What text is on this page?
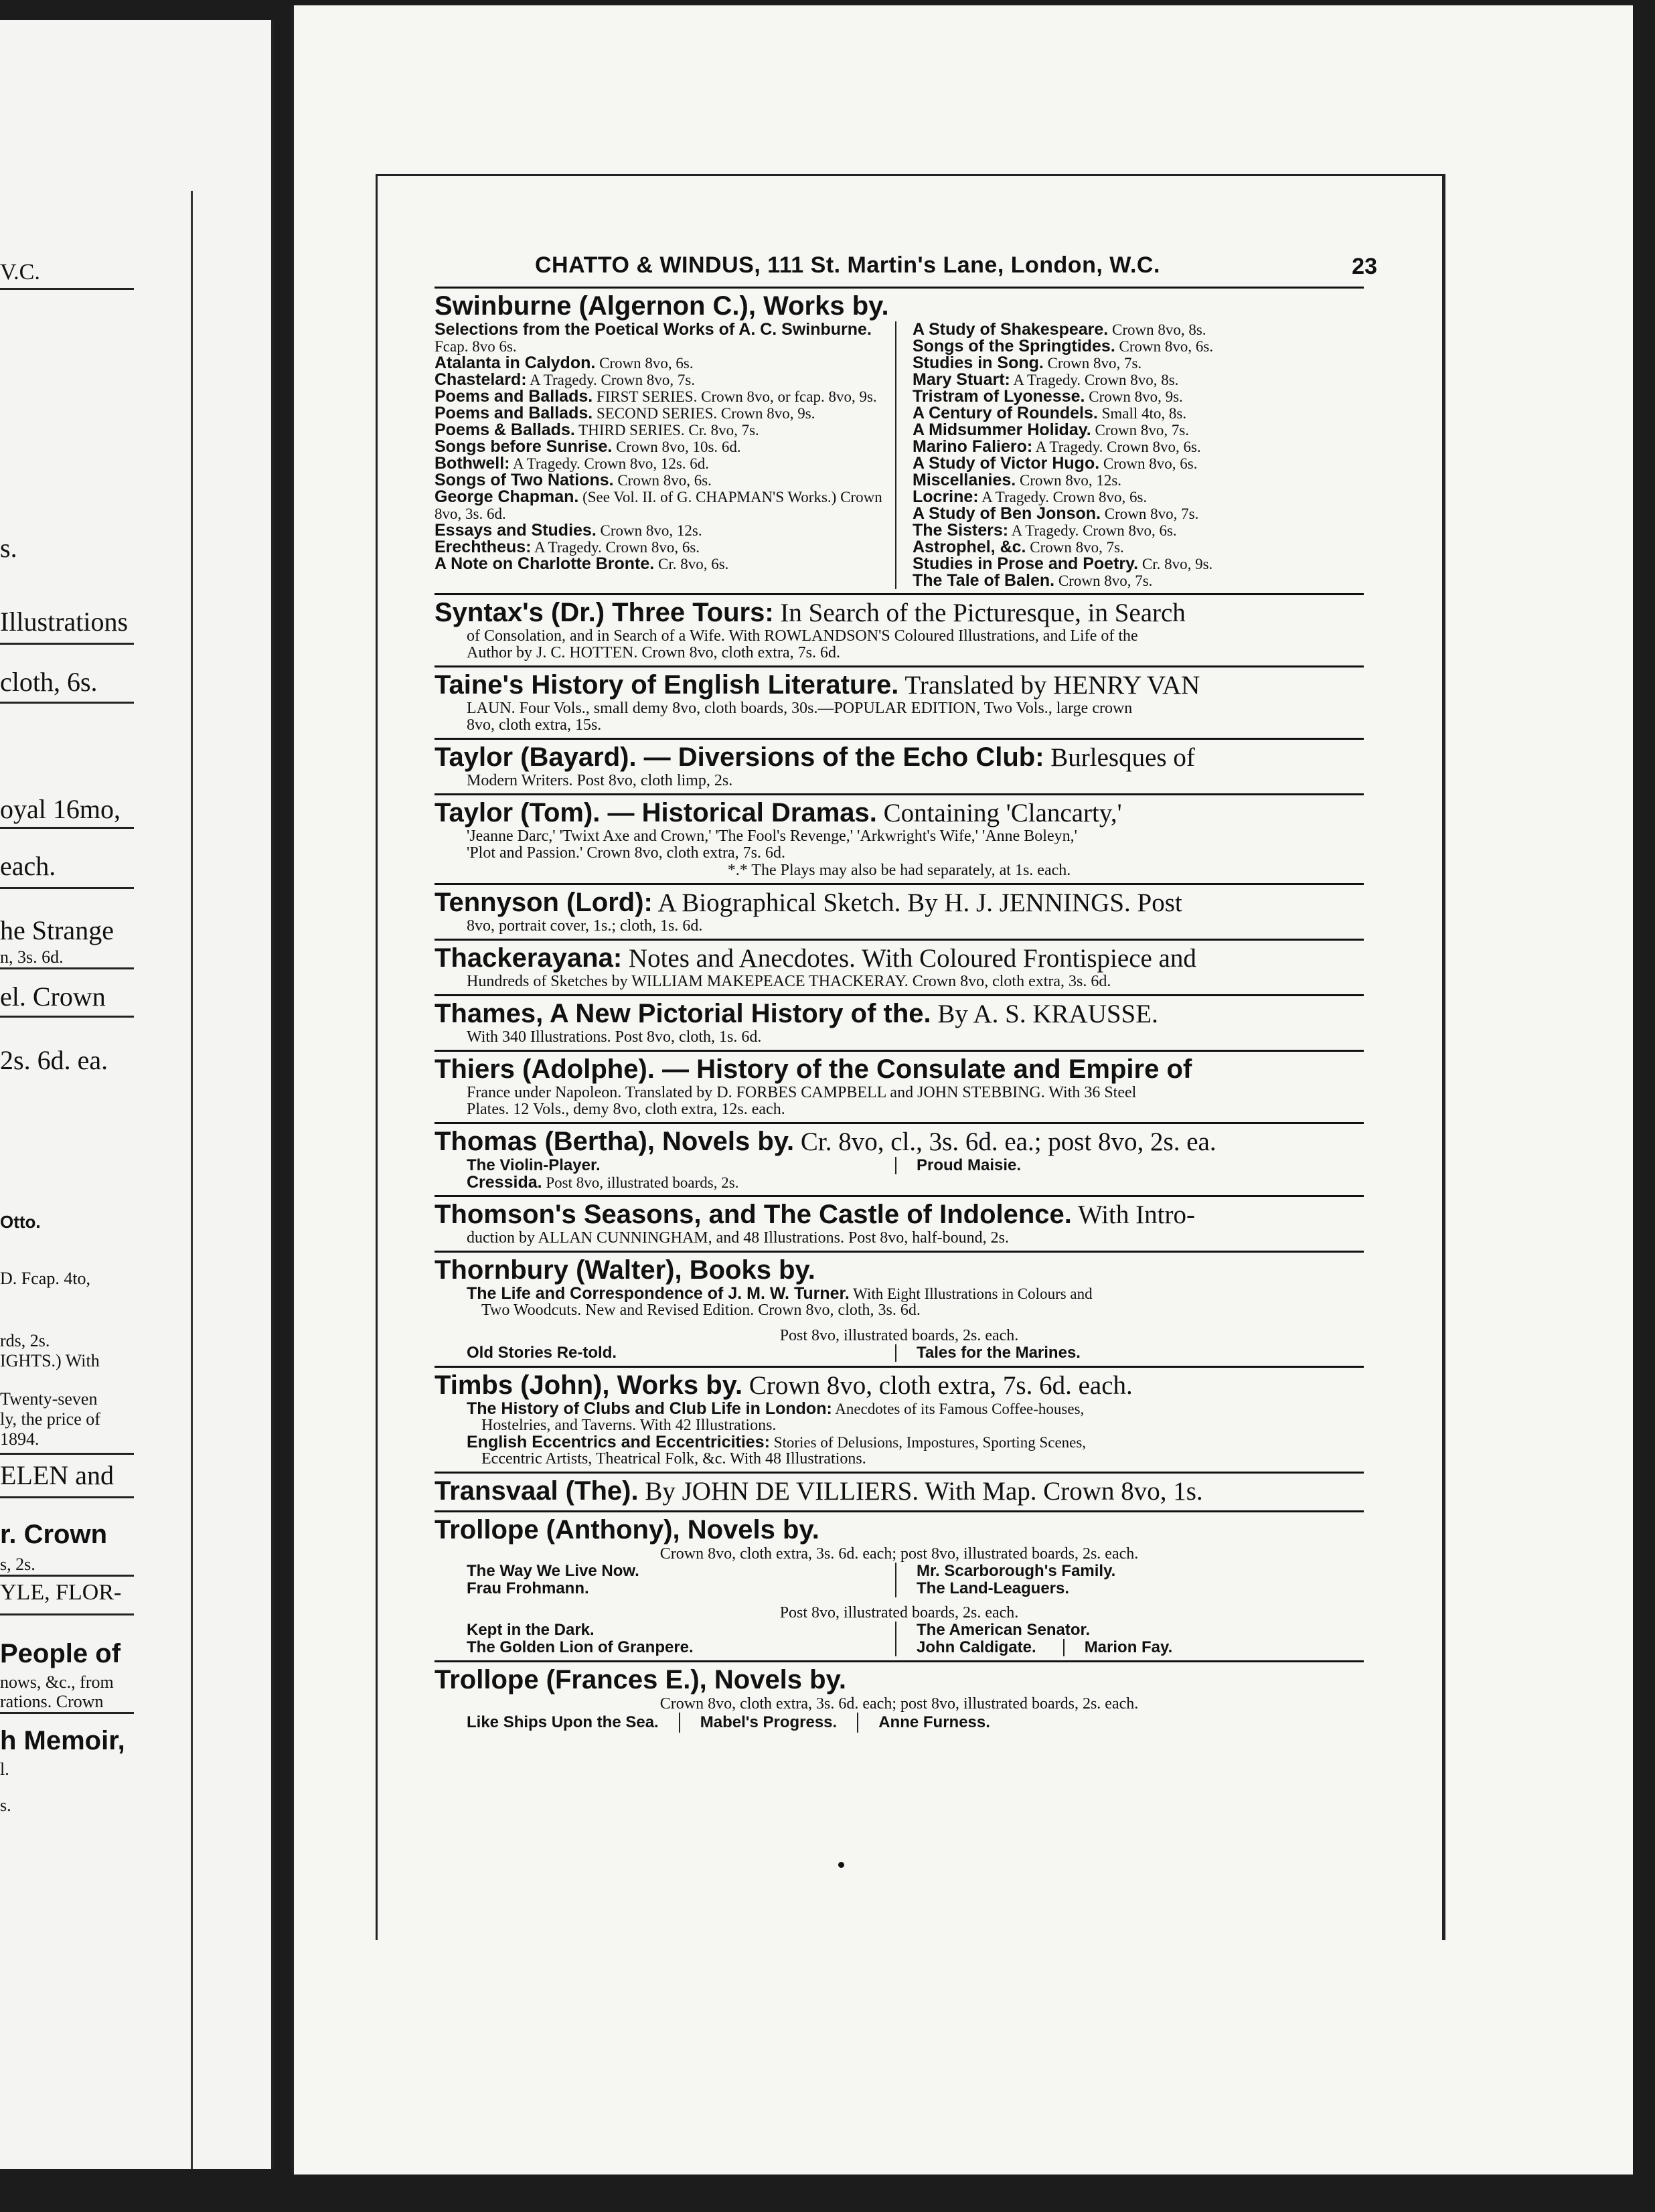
V.C.
s.
Illustrations
cloth, 6s.
oyal 16mo,
each.
he Strange
n, 3s. 6d.
el. Crown
2s. 6d. ea.
Otto.
D. Fcap. 4to,
rds, 2s.
IGHTS.) With
Twenty-seven
ly, the price of
1894.
ELEN and
r. Crown
s, 2s.
YLE, FLOR-
People of
nows, &c., from
rations. Crown
h Memoir,
l.
s.
CHATTO & WINDUS, 111 St. Martin's Lane, London, W.C.	23
Swinburne (Algernon C.), Works by.
Selections from the Poetical Works of A. C. Swinburne. Fcap. 8vo 6s.
Atalanta in Calydon. Crown 8vo, 6s.
Chastelard: A Tragedy. Crown 8vo, 7s.
Poems and Ballads. FIRST SERIES. Crown 8vo, or fcap. 8vo, 9s.
Poems and Ballads. SECOND SERIES. Crown 8vo, 9s.
Poems & Ballads. THIRD SERIES. Cr. 8vo, 7s.
Songs before Sunrise. Crown 8vo, 10s. 6d.
Bothwell: A Tragedy. Crown 8vo, 12s. 6d.
Songs of Two Nations. Crown 8vo, 6s.
George Chapman. (See Vol. II. of G. CHAPMAN'S Works.) Crown 8vo, 3s. 6d.
Essays and Studies. Crown 8vo, 12s.
Erechtheus: A Tragedy. Crown 8vo, 6s.
A Note on Charlotte Bronte. Cr. 8vo, 6s.
A Study of Shakespeare. Crown 8vo, 8s.
Songs of the Springtides. Crown 8vo, 6s.
Studies in Song. Crown 8vo, 7s.
Mary Stuart: A Tragedy. Crown 8vo, 8s.
Tristram of Lyonesse. Crown 8vo, 9s.
A Century of Roundels. Small 4to, 8s.
A Midsummer Holiday. Crown 8vo, 7s.
Marino Faliero: A Tragedy. Crown 8vo, 6s.
A Study of Victor Hugo. Crown 8vo, 6s.
Miscellanies. Crown 8vo, 12s.
Locrine: A Tragedy. Crown 8vo, 6s.
A Study of Ben Jonson. Crown 8vo, 7s.
The Sisters: A Tragedy. Crown 8vo, 6s.
Astrophel, &c. Crown 8vo, 7s.
Studies in Prose and Poetry. Cr. 8vo, 9s.
The Tale of Balen. Crown 8vo, 7s.
Syntax's (Dr.) Three Tours: In Search of the Picturesque, in Search
of Consolation, and in Search of a Wife. With ROWLANDSON'S Coloured Illustrations, and Life of the
Author by J. C. HOTTEN. Crown 8vo, cloth extra, 7s. 6d.
Taine's History of English Literature. Translated by HENRY VAN
LAUN. Four Vols., small demy 8vo, cloth boards, 30s.—POPULAR EDITION, Two Vols., large crown
8vo, cloth extra, 15s.
Taylor (Bayard). — Diversions of the Echo Club: Burlesques of
Modern Writers. Post 8vo, cloth limp, 2s.
Taylor (Tom). — Historical Dramas. Containing 'Clancarty,'
'Jeanne Darc,' 'Twixt Axe and Crown,' 'The Fool's Revenge,' 'Arkwright's Wife,' 'Anne Boleyn,'
'Plot and Passion.' Crown 8vo, cloth extra, 7s. 6d.
*.* The Plays may also be had separately, at 1s. each.
Tennyson (Lord): A Biographical Sketch. By H. J. JENNINGS. Post
8vo, portrait cover, 1s.; cloth, 1s. 6d.
Thackerayana: Notes and Anecdotes. With Coloured Frontispiece and
Hundreds of Sketches by WILLIAM MAKEPEACE THACKERAY. Crown 8vo, cloth extra, 3s. 6d.
Thames, A New Pictorial History of the. By A. S. KRAUSSE.
With 340 Illustrations. Post 8vo, cloth, 1s. 6d.
Thiers (Adolphe). — History of the Consulate and Empire of
France under Napoleon. Translated by D. FORBES CAMPBELL and JOHN STEBBING. With 36 Steel
Plates. 12 Vols., demy 8vo, cloth extra, 12s. each.
Thomas (Bertha), Novels by. Cr. 8vo, cl., 3s. 6d. ea.; post 8vo, 2s. ea.
The Violin-Player.	Proud Maisie.
Cressida. Post 8vo, illustrated boards, 2s.
Thomson's Seasons, and The Castle of Indolence. With Intro-
duction by ALLAN CUNNINGHAM, and 48 Illustrations. Post 8vo, half-bound, 2s.
Thornbury (Walter), Books by.
The Life and Correspondence of J. M. W. Turner. With Eight Illustrations in Colours and
Two Woodcuts. New and Revised Edition. Crown 8vo, cloth, 3s. 6d.
Post 8vo, illustrated boards, 2s. each.
Old Stories Re-told.	Tales for the Marines.
Timbs (John), Works by. Crown 8vo, cloth extra, 7s. 6d. each.
The History of Clubs and Club Life in London: Anecdotes of its Famous Coffee-houses,
Hostelries, and Taverns. With 42 Illustrations.
English Eccentrics and Eccentricities: Stories of Delusions, Impostures, Sporting Scenes,
Eccentric Artists, Theatrical Folk, &c. With 48 Illustrations.
Transvaal (The). By JOHN DE VILLIERS. With Map. Crown 8vo, 1s.
Trollope (Anthony), Novels by.
Crown 8vo, cloth extra, 3s. 6d. each; post 8vo, illustrated boards, 2s. each.
The Way We Live Now.	Mr. Scarborough's Family.
Frau Frohmann.	The Land-Leaguers.
Post 8vo, illustrated boards, 2s. each.
Kept in the Dark.	The American Senator.
The Golden Lion of Granpere.	John Caldigate.	Marion Fay.
Trollope (Frances E.), Novels by.
Crown 8vo, cloth extra, 3s. 6d. each; post 8vo, illustrated boards, 2s. each.
Like Ships Upon the Sea.	Mabel's Progress.	Anne Furness.
